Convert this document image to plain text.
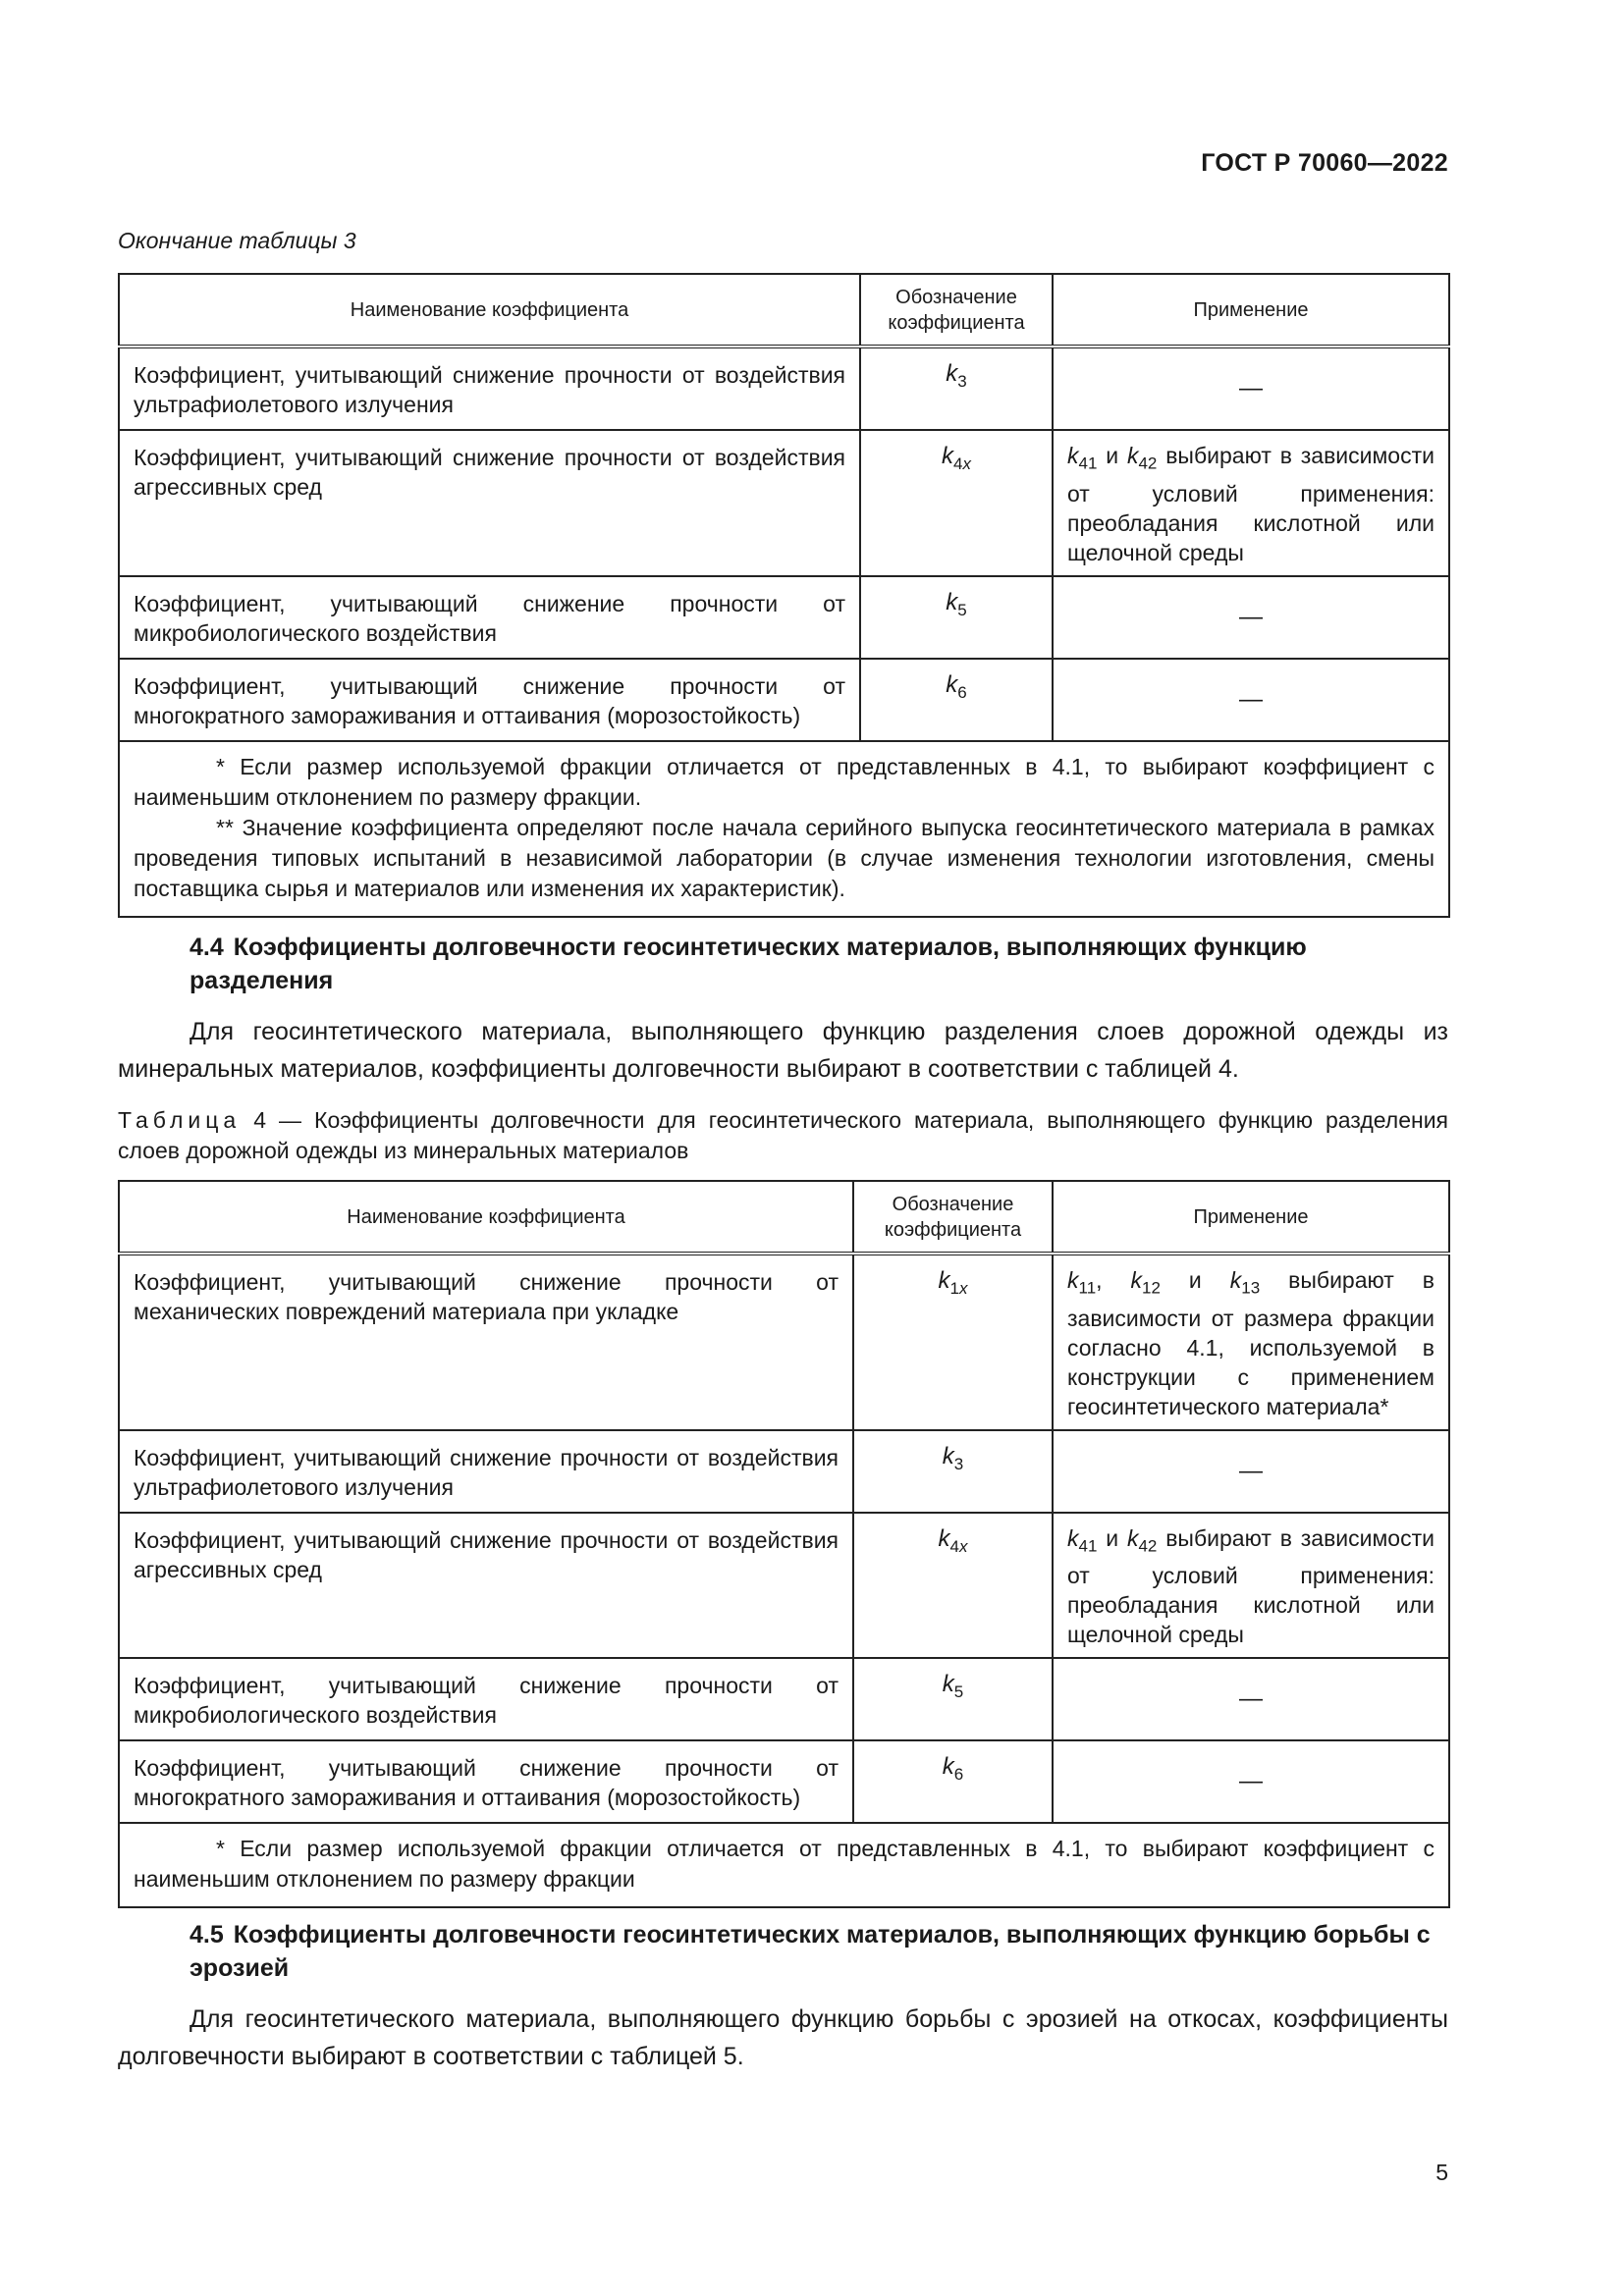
ГОСТ Р 70060—2022
Окончание таблицы 3
Наименование коэффициента	Обозначение коэффициента	Применение
Коэффициент, учитывающий снижение прочности от воздействия ультрафиолетового излучения	$k_3$	—
Коэффициент, учитывающий снижение прочности от воздействия агрессивных сред	$k_{4x}$	$k_{41}$ и $k_{42}$ выбирают в зависимости от условий применения: преобладания кислотной или щелочной среды
Коэффициент, учитывающий снижение прочности от микробиологического воздействия	$k_5$	—
Коэффициент, учитывающий снижение прочности от многократного замораживания и оттаивания (морозостойкость)	$k_6$	—

* Если размер используемой фракции отличается от представленных в 4.1, то выбирают коэффициент с наименьшим отклонением по размеру фракции.

** Значение коэффициента определяют после начала серийного выпуска геосинтетического материала в рамках проведения типовых испытаний в независимой лаборатории (в случае изменения технологии изготовления, смены поставщика сырья и материалов или изменения их характеристик).		

4.4 Коэффициенты долговечности геосинтетических материалов, выполняющих функцию разделения
Для геосинтетического материала, выполняющего функцию разделения слоев дорожной одежды из минеральных материалов, коэффициенты долговечности выбирают в соответствии с таблицей 4.
Таблица 4 — Коэффициенты долговечности для геосинтетического материала, выполняющего функцию разделения слоев дорожной одежды из минеральных материалов
Наименование коэффициента	Обозначение коэффициента	Применение
Коэффициент, учитывающий снижение прочности от механических повреждений материала при укладке	$k_{1x}$	$k_{11}$, $k_{12}$ и $k_{13}$ выбирают в зависимости от размера фракции согласно 4.1, используемой в конструкции с применением геосинтетического материала*
Коэффициент, учитывающий снижение прочности от воздействия ультрафиолетового излучения	$k_3$	—
Коэффициент, учитывающий снижение прочности от воздействия агрессивных сред	$k_{4x}$	$k_{41}$ и $k_{42}$ выбирают в зависимости от условий применения: преобладания кислотной или щелочной среды
Коэффициент, учитывающий снижение прочности от микробиологического воздействия	$k_5$	—
Коэффициент, учитывающий снижение прочности от многократного замораживания и оттаивания (морозостойкость)	$k_6$	—

* Если размер используемой фракции отличается от представленных в 4.1, то выбирают коэффициент с наименьшим отклонением по размеру фракции		

4.5 Коэффициенты долговечности геосинтетических материалов, выполняющих функцию борьбы с эрозией
Для геосинтетического материала, выполняющего функцию борьбы с эрозией на откосах, коэффициенты долговечности выбирают в соответствии с таблицей 5.
5
